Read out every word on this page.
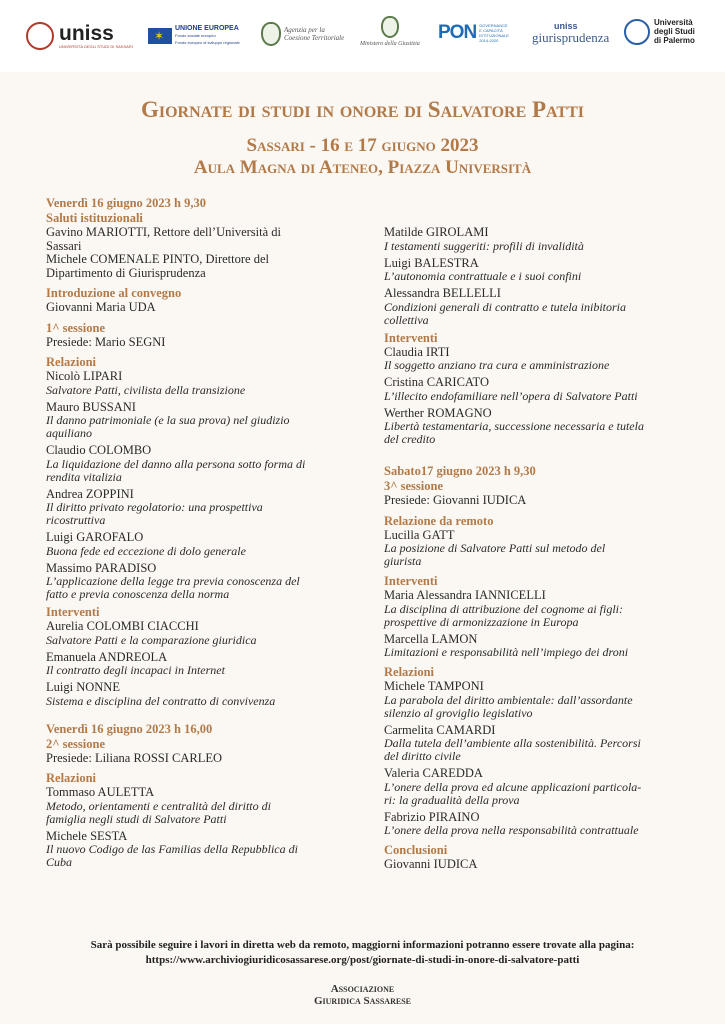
uniss
UNIVERSITÀ DEGLI STUDI DI SASSARI
✶
UNIONE EUROPEA
Fondo sociale europeo
Fondo europeo di sviluppo regionale
Agenzia per la
Coesione Territoriale
Ministero della Giustizia
PON GOVERNANCE
E CAPACITÀ
ISTITUZIONALE
2014-2020
uniss
giurisprudenza
Università
degli Studi
di Palermo
Giornate di studi in onore di Salvatore Patti
Sassari - 16 e 17 giugno 2023
Aula Magna di Ateneo, Piazza Università
Venerdì 16 giugno 2023 h 9,30
Saluti istituzionali
Gavino MARIOTTI, Rettore dell’Università di
Sassari
Michele COMENALE PINTO, Direttore del
Dipartimento di Giurisprudenza
Introduzione al convegno
Giovanni Maria UDA
1^ sessione
Presiede: Mario SEGNI
Relazioni
Nicolò LIPARI
Salvatore Patti, civilista della transizione
Mauro BUSSANI
Il danno patrimoniale (e la sua prova) nel giudizio
aquiliano
Claudio COLOMBO
La liquidazione del danno alla persona sotto forma di
rendita vitalizia
Andrea ZOPPINI
Il diritto privato regolatorio: una prospettiva
ricostruttiva
Luigi GAROFALO
Buona fede ed eccezione di dolo generale
Massimo PARADISO
L’applicazione della legge tra previa conoscenza del
fatto e previa conoscenza della norma
Interventi
Aurelia COLOMBI CIACCHI
Salvatore Patti e la comparazione giuridica
Emanuela ANDREOLA
Il contratto degli incapaci in Internet
Luigi NONNE
Sistema e disciplina del contratto di convivenza
Venerdì 16 giugno 2023 h 16,00
2^ sessione
Presiede: Liliana ROSSI CARLEO
Relazioni
Tommaso AULETTA
Metodo, orientamenti e centralità del diritto di
famiglia negli studi di Salvatore Patti
Michele SESTA
Il nuovo Codigo de las Familias della Repubblica di
Cuba
Matilde GIROLAMI
I testamenti suggeriti: profili di invalidità
Luigi BALESTRA
L’autonomia contrattuale e i suoi confini
Alessandra BELLELLI
Condizioni generali di contratto e tutela inibitoria
collettiva
Interventi
Claudia IRTI
Il soggetto anziano tra cura e amministrazione
Cristina CARICATO
L’illecito endofamiliare nell’opera di Salvatore Patti
Werther ROMAGNO
Libertà testamentaria, successione necessaria e tutela
del credito
Sabato17 giugno 2023 h 9,30
3^ sessione
Presiede: Giovanni IUDICA
Relazione da remoto
Lucilla GATT
La posizione di Salvatore Patti sul metodo del
giurista
Interventi
Maria Alessandra IANNICELLI
La disciplina di attribuzione del cognome ai figli:
prospettive di armonizzazione in Europa
Marcella LAMON
Limitazioni e responsabilità nell’impiego dei droni
Relazioni
Michele TAMPONI
La parabola del diritto ambientale: dall’assordante
silenzio al groviglio legislativo
Carmelita CAMARDI
Dalla tutela dell’ambiente alla sostenibilità. Percorsi
del diritto civile
Valeria CAREDDA
L’onere della prova ed alcune applicazioni particola-
ri: la gradualità della prova
Fabrizio PIRAINO
L’onere della prova nella responsabilità contrattuale
Conclusioni
Giovanni IUDICA
Sarà possibile seguire i lavori in diretta web da remoto, maggiorni informazioni potranno essere trovate alla pagina:
https://www.archiviogiuridicosassarese.org/post/giornate-di-studi-in-onore-di-salvatore-patti
Associazione
Giuridica Sassarese
